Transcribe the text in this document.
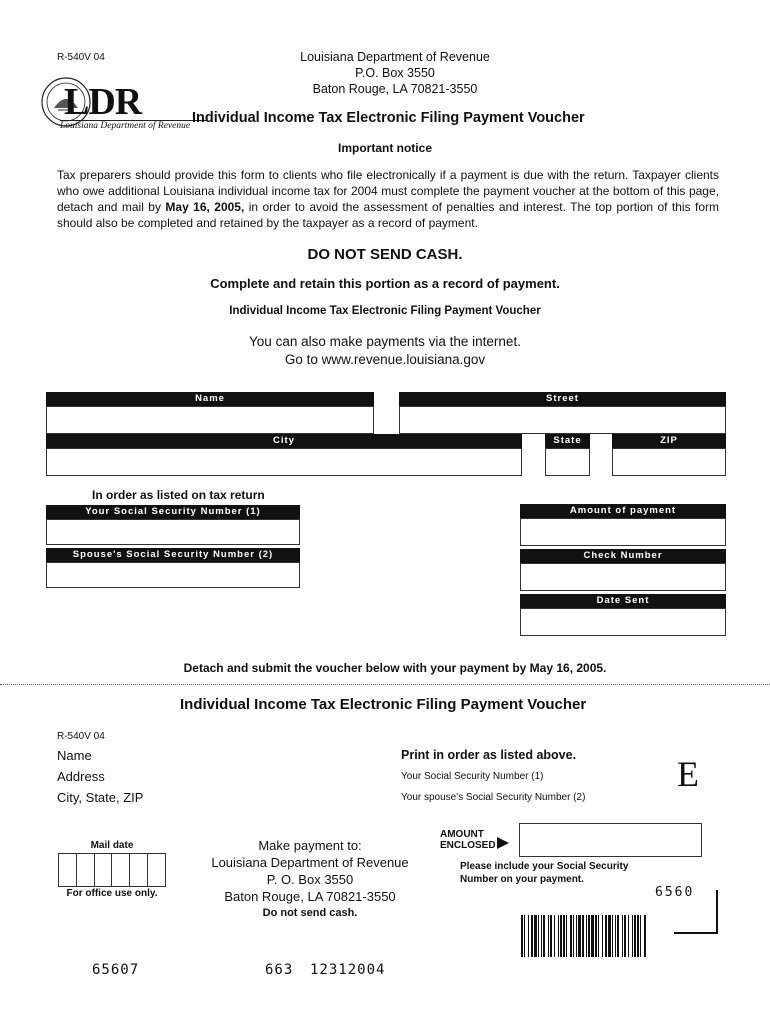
R-540V 04	Louisiana Department of Revenue
P.O. Box 3550
Baton Rouge, LA 70821-3550
LDR
Louisiana Department of Revenue Individual Income Tax Electronic Filing Payment Voucher
Important notice
Tax preparers should provide this form to clients who file electronically if a payment is due with the return. Taxpayer clients who owe additional Louisiana individual income tax for 2004 must complete the payment voucher at the bottom of this page, detach and mail by May 16, 2005, in order to avoid the assessment of penalties and interest. The top portion of this form should also be completed and retained by the taxpayer as a record of payment.
DO NOT SEND CASH.
Complete and retain this portion as a record of payment.
Individual Income Tax Electronic Filing Payment Voucher
You can also make payments via the internet.
Go to www.revenue.louisiana.gov
Name	Street
City	State	ZIP
In order as listed on tax return
Your Social Security Number (1)
Spouse's Social Security Number (2)
Amount of payment
Check Number
Date Sent
Detach and submit the voucher below with your payment by May 16, 2005.
Individual Income Tax Electronic Filing Payment Voucher
R-540V 04
Name
Address
City, State, ZIP
Print in order as listed above.
Your Social Security Number (1)
Your spouse's Social Security Number (2)
E
Mail date
For office use only.
Make payment to:
Louisiana Department of Revenue
P. O. Box 3550
Baton Rouge, LA 70821-3550
Do not send cash.
AMOUNT
ENCLOSED
Please include your Social Security
Number on your payment.
6560
65607	663 12312004
